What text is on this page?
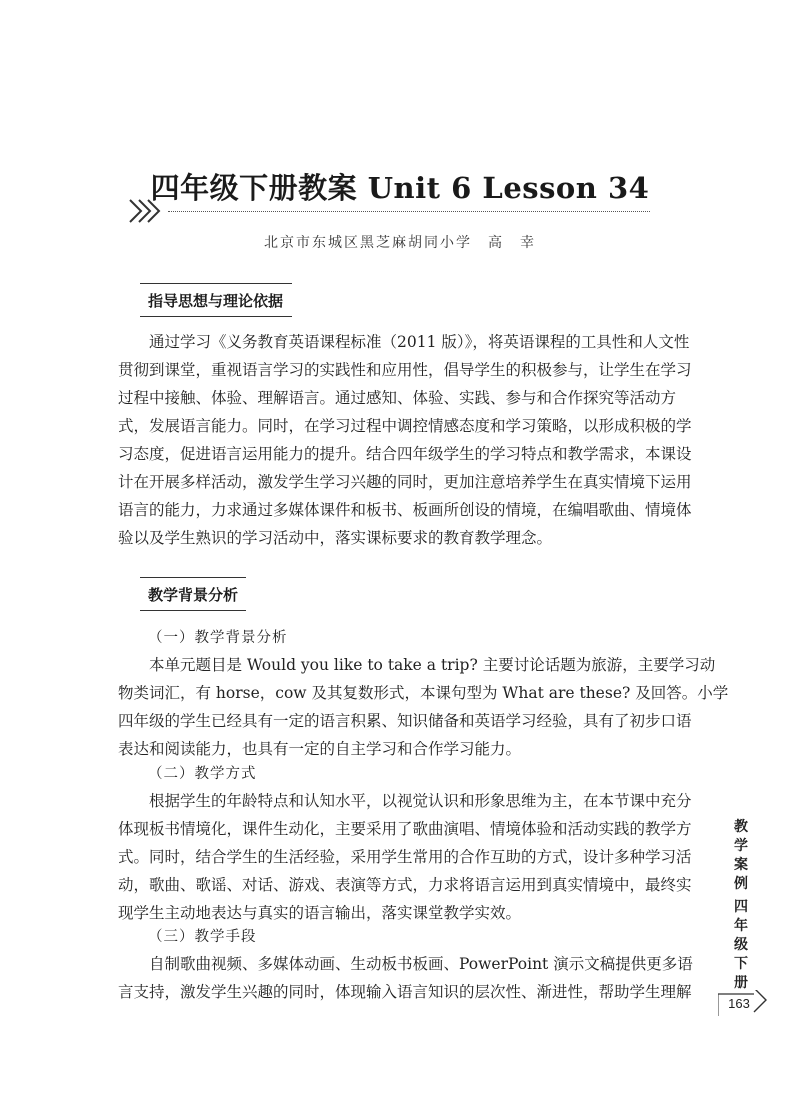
四年级下册教案 Unit 6 Lesson 34
北京市东城区黑芝麻胡同小学　高　幸
指导思想与理论依据

通过学习《义务教育英语课程标准（2011 版）》，将英语课程的工具性和人文性
贯彻到课堂，重视语言学习的实践性和应用性，倡导学生的积极参与，让学生在学习
过程中接触、体验、理解语言。通过感知、体验、实践、参与和合作探究等活动方
式，发展语言能力。同时，在学习过程中调控情感态度和学习策略，以形成积极的学
习态度，促进语言运用能力的提升。结合四年级学生的学习特点和教学需求，本课设
计在开展多样活动，激发学生学习兴趣的同时，更加注意培养学生在真实情境下运用
语言的能力，力求通过多媒体课件和板书、板画所创设的情境，在编唱歌曲、情境体
验以及学生熟识的学习活动中，落实课标要求的教育教学理念。

教学背景分析
（一）教学背景分析

本单元题目是 Would you like to take a trip? 主要讨论话题为旅游，主要学习动
物类词汇，有 horse，cow 及其复数形式，本课句型为 What are these? 及回答。小学
四年级的学生已经具有一定的语言积累、知识储备和英语学习经验，具有了初步口语
表达和阅读能力，也具有一定的自主学习和合作学习能力。

（二）教学方式

根据学生的年龄特点和认知水平，以视觉认识和形象思维为主，在本节课中充分
体现板书情境化，课件生动化，主要采用了歌曲演唱、情境体验和活动实践的教学方
式。同时，结合学生的生活经验，采用学生常用的合作互助的方式，设计多种学习活
动，歌曲、歌谣、对话、游戏、表演等方式，力求将语言运用到真实情境中，最终实
现学生主动地表达与真实的语言输出，落实课堂教学实效。

（三）教学手段

自制歌曲视频、多媒体动画、生动板书板画、PowerPoint 演示文稿提供更多语
言支持，激发学生兴趣的同时，体现输入语言知识的层次性、渐进性，帮助学生理解

教
学
案
例
四
年
级
下
册
163
